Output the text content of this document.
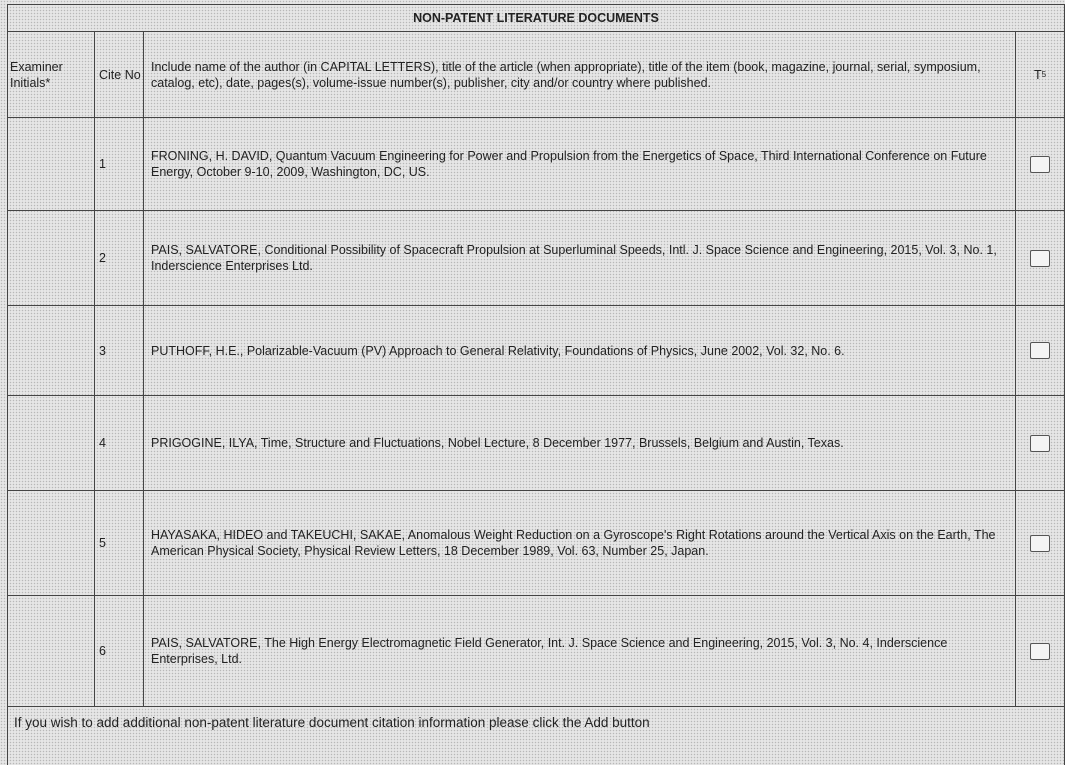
NON-PATENT LITERATURE DOCUMENTS
Examiner Initials*
Cite No
Include name of the author (in CAPITAL LETTERS), title of the article (when appropriate), title of the item (book, magazine, journal, serial, symposium, catalog, etc), date, pages(s), volume-issue number(s), publisher, city and/or country where published.
T 5
1
FRONING, H. DAVID, Quantum Vacuum Engineering for Power and Propulsion from the Energetics of Space, Third International Conference on Future Energy, October 9-10, 2009, Washington, DC, US.
2
PAIS, SALVATORE, Conditional Possibility of Spacecraft Propulsion at Superluminal Speeds, Intl. J. Space Science and Engineering, 2015, Vol. 3, No. 1, Inderscience Enterprises Ltd.
3	PUTHOFF, H.E., Polarizable-Vacuum (PV) Approach to General Relativity, Foundations of Physics, June 2002, Vol. 32, No. 6.
4	PRIGOGINE, ILYA, Time, Structure and Fluctuations, Nobel Lecture, 8 December 1977, Brussels, Belgium and Austin, Texas.
5
HAYASAKA, HIDEO and TAKEUCHI, SAKAE, Anomalous Weight Reduction on a Gyroscope's Right Rotations around the Vertical Axis on the Earth, The American Physical Society, Physical Review Letters, 18 December 1989, Vol. 63, Number 25, Japan.
6
PAIS, SALVATORE, The High Energy Electromagnetic Field Generator, Int. J. Space Science and Engineering, 2015, Vol. 3, No. 4, Inderscience Enterprises, Ltd.
If you wish to add additional non-patent literature document citation information please click the Add button
